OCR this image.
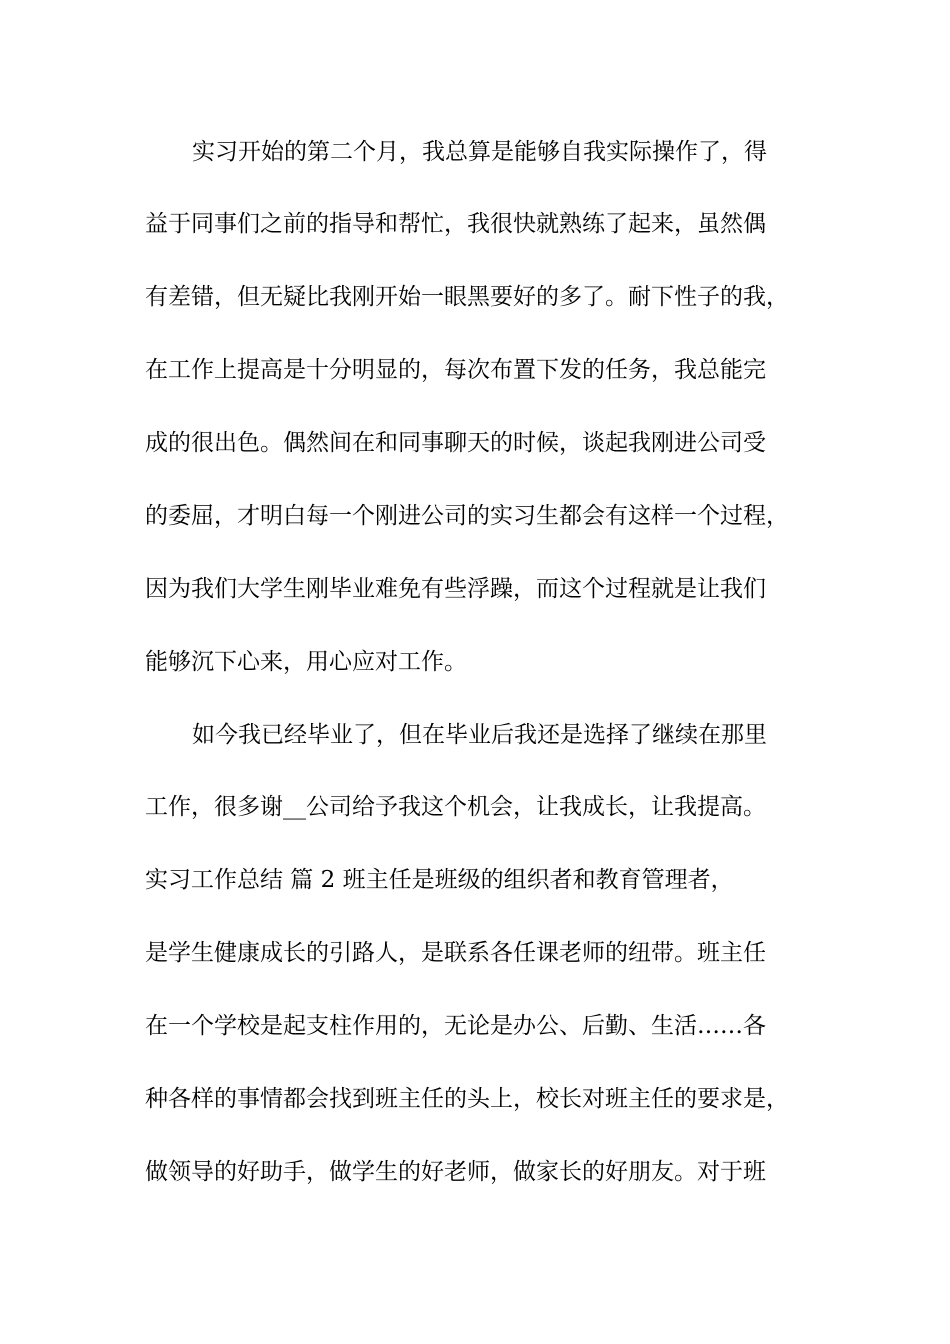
实习开始的第二个月，我总算是能够自我实际操作了，得
益于同事们之前的指导和帮忙，我很快就熟练了起来，虽然偶
有差错，但无疑比我刚开始一眼黑要好的多了。耐下性子的我，
在工作上提高是十分明显的，每次布置下发的任务，我总能完
成的很出色。偶然间在和同事聊天的时候，谈起我刚进公司受
的委屈，才明白每一个刚进公司的实习生都会有这样一个过程，
因为我们大学生刚毕业难免有些浮躁，而这个过程就是让我们
能够沉下心来，用心应对工作。
如今我已经毕业了，但在毕业后我还是选择了继续在那里
工作，很多谢__公司给予我这个机会，让我成长，让我提高。
实习工作总结 篇 2 班主任是班级的组织者和教育管理者，
是学生健康成长的引路人，是联系各任课老师的纽带。班主任
在一个学校是起支柱作用的，无论是办公、后勤、生活……各
种各样的事情都会找到班主任的头上，校长对班主任的要求是，
做领导的好助手，做学生的好老师，做家长的好朋友。对于班
